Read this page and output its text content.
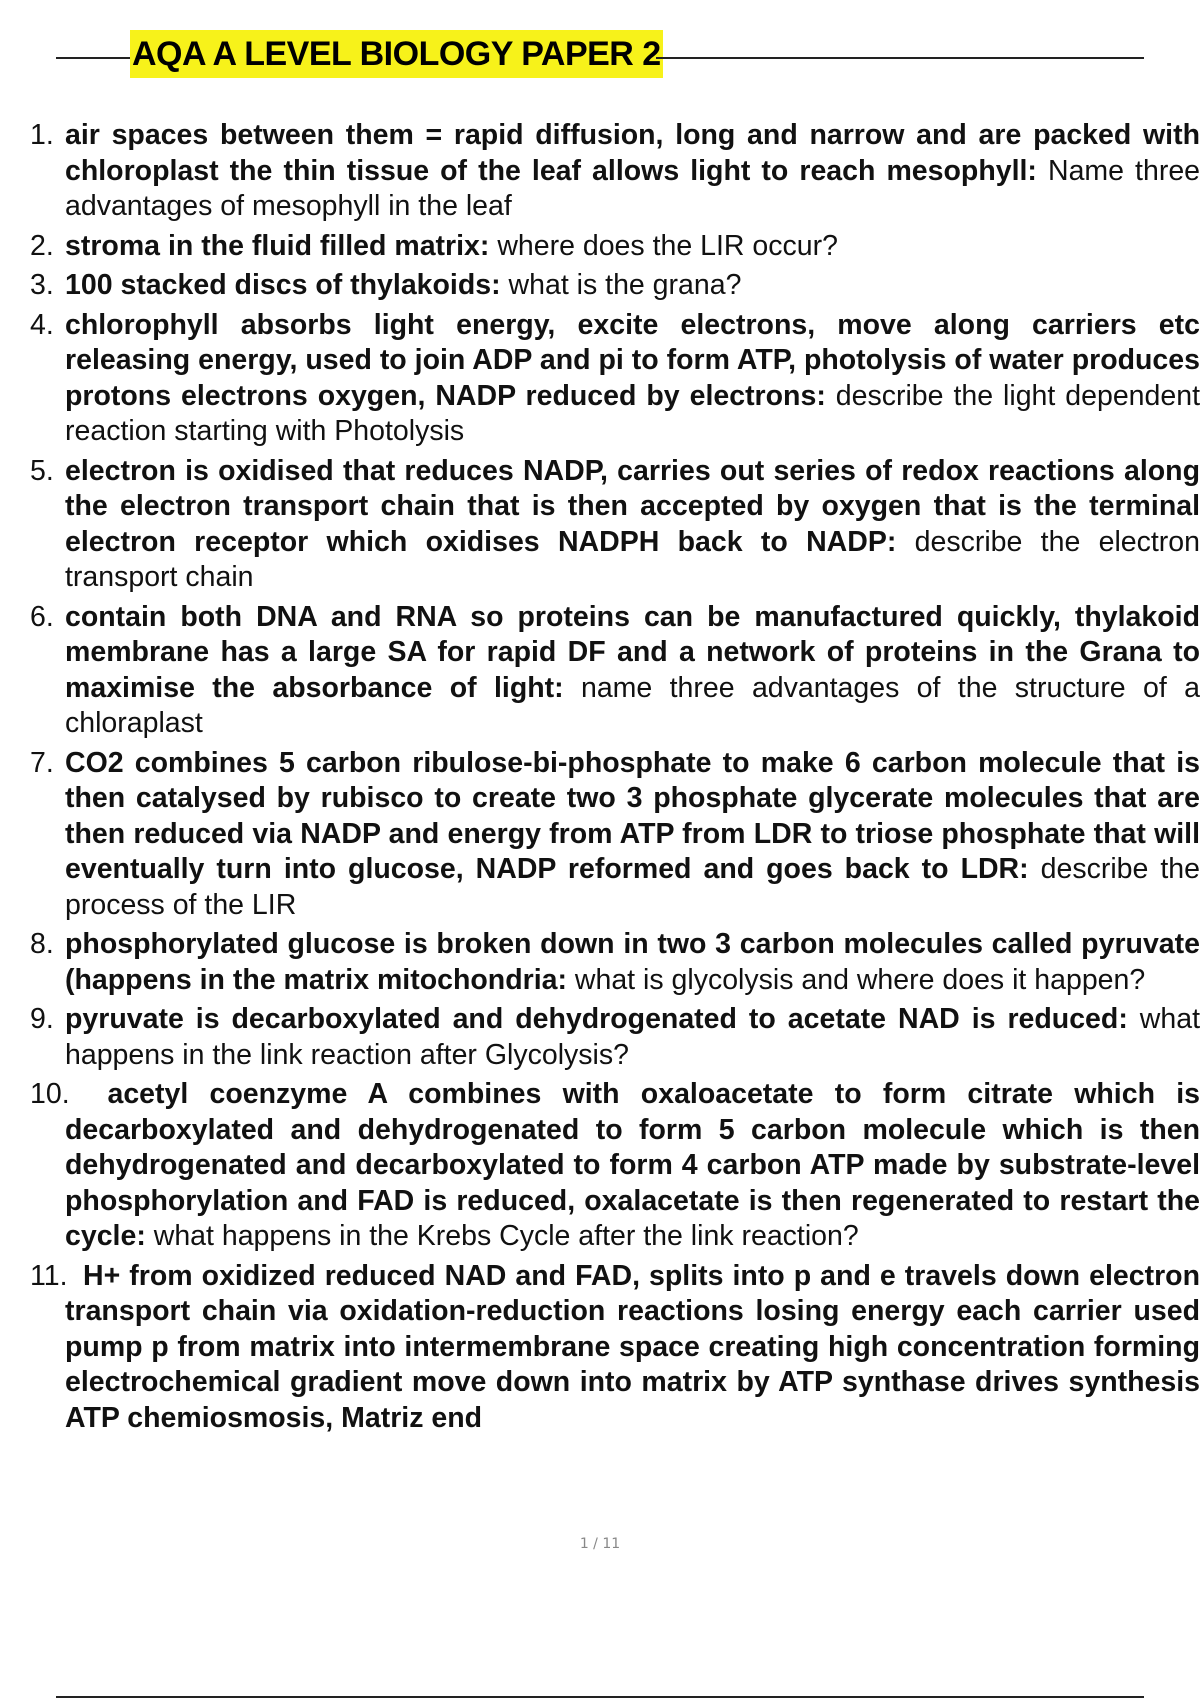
AQA A LEVEL BIOLOGY PAPER 2
1. air spaces between them = rapid diffusion, long and narrow and are packed with chloroplast the thin tissue of the leaf allows light to reach mesophyll: Name three advantages of mesophyll in the leaf
2. stroma in the fluid filled matrix: where does the LIR occur?
3. 100 stacked discs of thylakoids: what is the grana?
4. chlorophyll absorbs light energy, excite electrons, move along carriers etc releasing energy, used to join ADP and pi to form ATP, photolysis of water produces protons electrons oxygen, NADP reduced by electrons: describe the light dependent reaction starting with Photolysis
5. electron is oxidised that reduces NADP, carries out series of redox reactions along the electron transport chain that is then accepted by oxygen that is the terminal electron receptor which oxidises NADPH back to NADP: describe the electron transport chain
6. contain both DNA and RNA so proteins can be manufactured quickly, thylakoid membrane has a large SA for rapid DF and a network of proteins in the Grana to maximise the absorbance of light: name three advantages of the structure of a chloraplast
7. CO2 combines 5 carbon ribulose-bi-phosphate to make 6 carbon molecule that is then catalysed by rubisco to create two 3 phosphate glycerate molecules that are then reduced via NADP and energy from ATP from LDR to triose phosphate that will eventually turn into glucose, NADP reformed and goes back to LDR: describe the process of the LIR
8. phosphorylated glucose is broken down in two 3 carbon molecules called pyruvate (happens in the matrix mitochondria: what is glycolysis and where does it happen?
9. pyruvate is decarboxylated and dehydrogenated to acetate NAD is reduced: what happens in the link reaction after Glycolysis?
10.
acetyl coenzyme A combines with oxaloacetate to form citrate which is decarboxylated and dehydrogenated to form 5 carbon molecule which is then dehydrogenated and decarboxylated to form 4 carbon ATP made by substrate-level phosphorylation and FAD is reduced, oxalacetate is then regenerated to restart the cycle: what happens in the Krebs Cycle after the link reaction?
11.
H+ from oxidized reduced NAD and FAD, splits into p and e travels down electron transport chain via oxidation-reduction reactions losing energy each carrier used pump p from matrix into intermembrane space creating high concentration forming electrochemical gradient move down into matrix by ATP synthase drives synthesis ATP chemiosmosis, Matriz end
1 / 11
